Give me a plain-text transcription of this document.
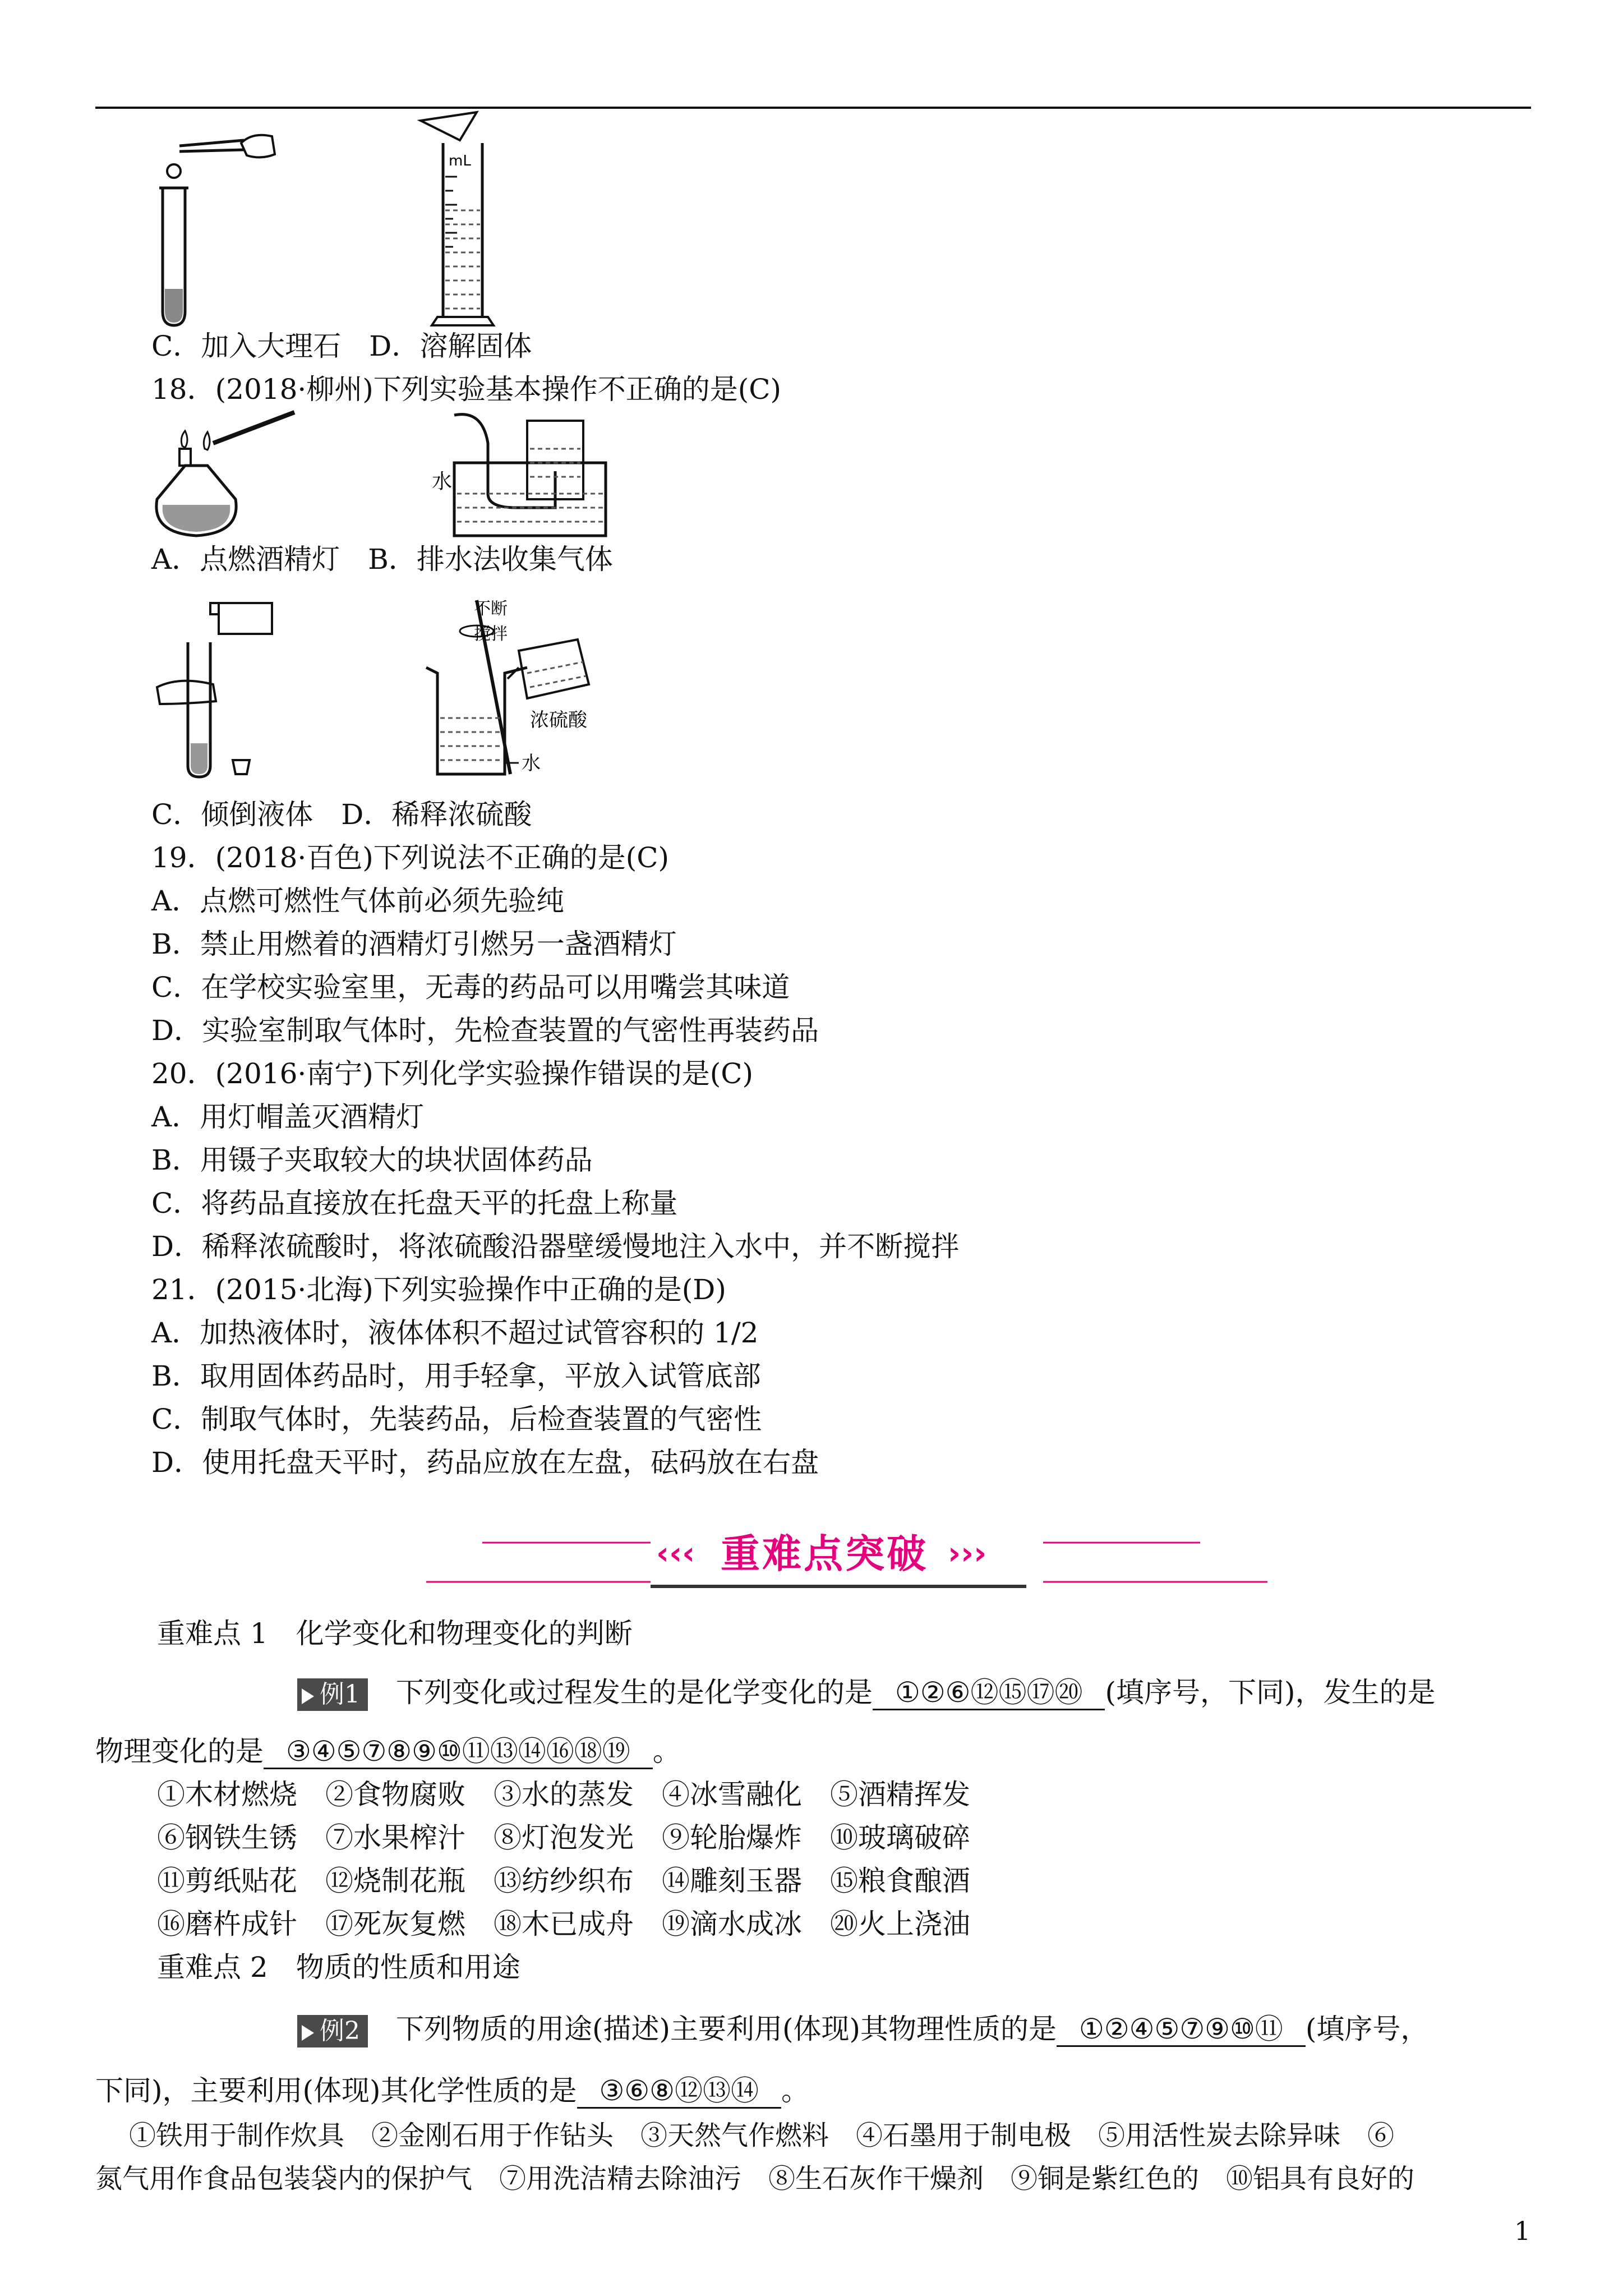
mL
C．加入大理石　D．溶解固体
18．(2018·柳州)下列实验基本操作不正确的是(C)
水
A．点燃酒精灯　B．排水法收集气体
不断
搅拌
浓硫酸
水
C．倾倒液体　D．稀释浓硫酸
19．(2018·百色)下列说法不正确的是(C)
A．点燃可燃性气体前必须先验纯
B．禁止用燃着的酒精灯引燃另一盏酒精灯
C．在学校实验室里，无毒的药品可以用嘴尝其味道
D．实验室制取气体时，先检查装置的气密性再装药品
20．(2016·南宁)下列化学实验操作错误的是(C)
A．用灯帽盖灭酒精灯
B．用镊子夹取较大的块状固体药品
C．将药品直接放在托盘天平的托盘上称量
D．稀释浓硫酸时，将浓硫酸沿器壁缓慢地注入水中，并不断搅拌
21．(2015·北海)下列实验操作中正确的是(D)
A．加热液体时，液体体积不超过试管容积的 1/2
B．取用固体药品时，用手轻拿，平放入试管底部
C．制取气体时，先装药品，后检查装置的气密性
D．使用托盘天平时，药品应放在左盘，砝码放在右盘
‹‹‹ 重难点突破 ›››
重难点 1　化学变化和物理变化的判断
例1 下列变化或过程发生的是化学变化的是 ①②⑥⑫⑮⑰⑳ (填序号，下同)，发生的是
物理变化的是 ③④⑤⑦⑧⑨⑩⑪⑬⑭⑯⑱⑲ 。
①木材燃烧　②食物腐败　③水的蒸发　④冰雪融化　⑤酒精挥发
⑥钢铁生锈　⑦水果榨汁　⑧灯泡发光　⑨轮胎爆炸　⑩玻璃破碎
⑪剪纸贴花　⑫烧制花瓶　⑬纺纱织布　⑭雕刻玉器　⑮粮食酿酒
⑯磨杵成针　⑰死灰复燃　⑱木已成舟　⑲滴水成冰　⑳火上浇油
重难点 2　物质的性质和用途
例2 下列物质的用途(描述)主要利用(体现)其物理性质的是 ①②④⑤⑦⑨⑩⑪ (填序号，
下同)，主要利用(体现)其化学性质的是 ③⑥⑧⑫⑬⑭ 。
①铁用于制作炊具　②金刚石用于作钻头　③天然气作燃料　④石墨用于制电极　⑤用活性炭去除异味　⑥
氮气用作食品包装袋内的保护气　⑦用洗洁精去除油污　⑧生石灰作干燥剂　⑨铜是紫红色的　⑩铝具有良好的
1
